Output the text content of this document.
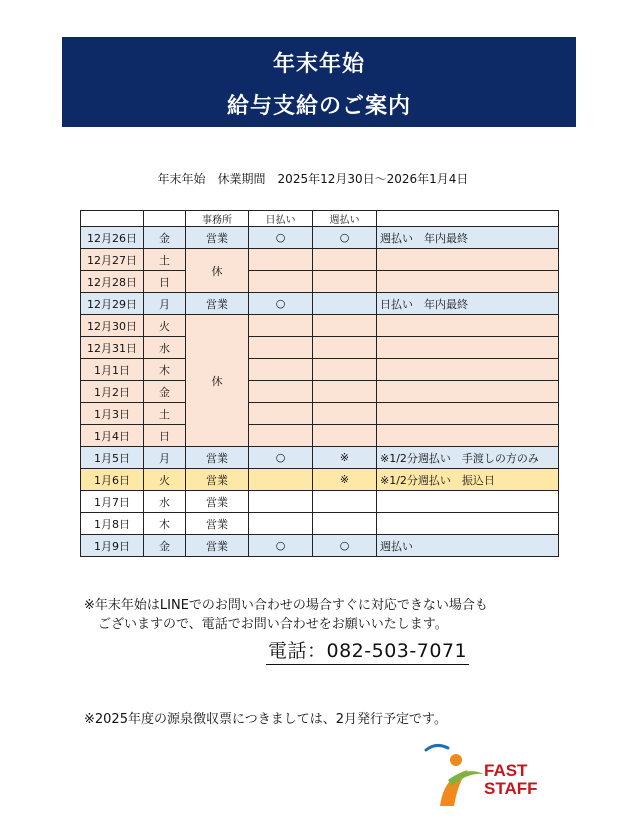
年末年始
給与支給のご案内
年末年始　休業期間　2025年12月30日～2026年1月4日
		事務所	日払い	週払い	
12月26日	金	営業	○	○	週払い　年内最終
12月27日	土	休			
12月28日	日				
12月29日	月	営業	○		日払い　年内最終
12月30日	火	休			
12月31日	水				
1月1日	木				
1月2日	金				
1月3日	土				
1月4日	日				
1月5日	月	営業	○	※	※1/2分週払い　手渡しの方のみ
1月6日	火	営業		※	※1/2分週払い　振込日
1月7日	水	営業			
1月8日	木	営業			
1月9日	金	営業	○	○	週払い
※年末年始はLINEでのお問い合わせの場合すぐに対応できない場合も
ございますので、電話でお問い合わせをお願いいたします。
電話：082-503-7071
※2025年度の源泉徴収票につきましては、2月発行予定です。
FAST
STAFF
